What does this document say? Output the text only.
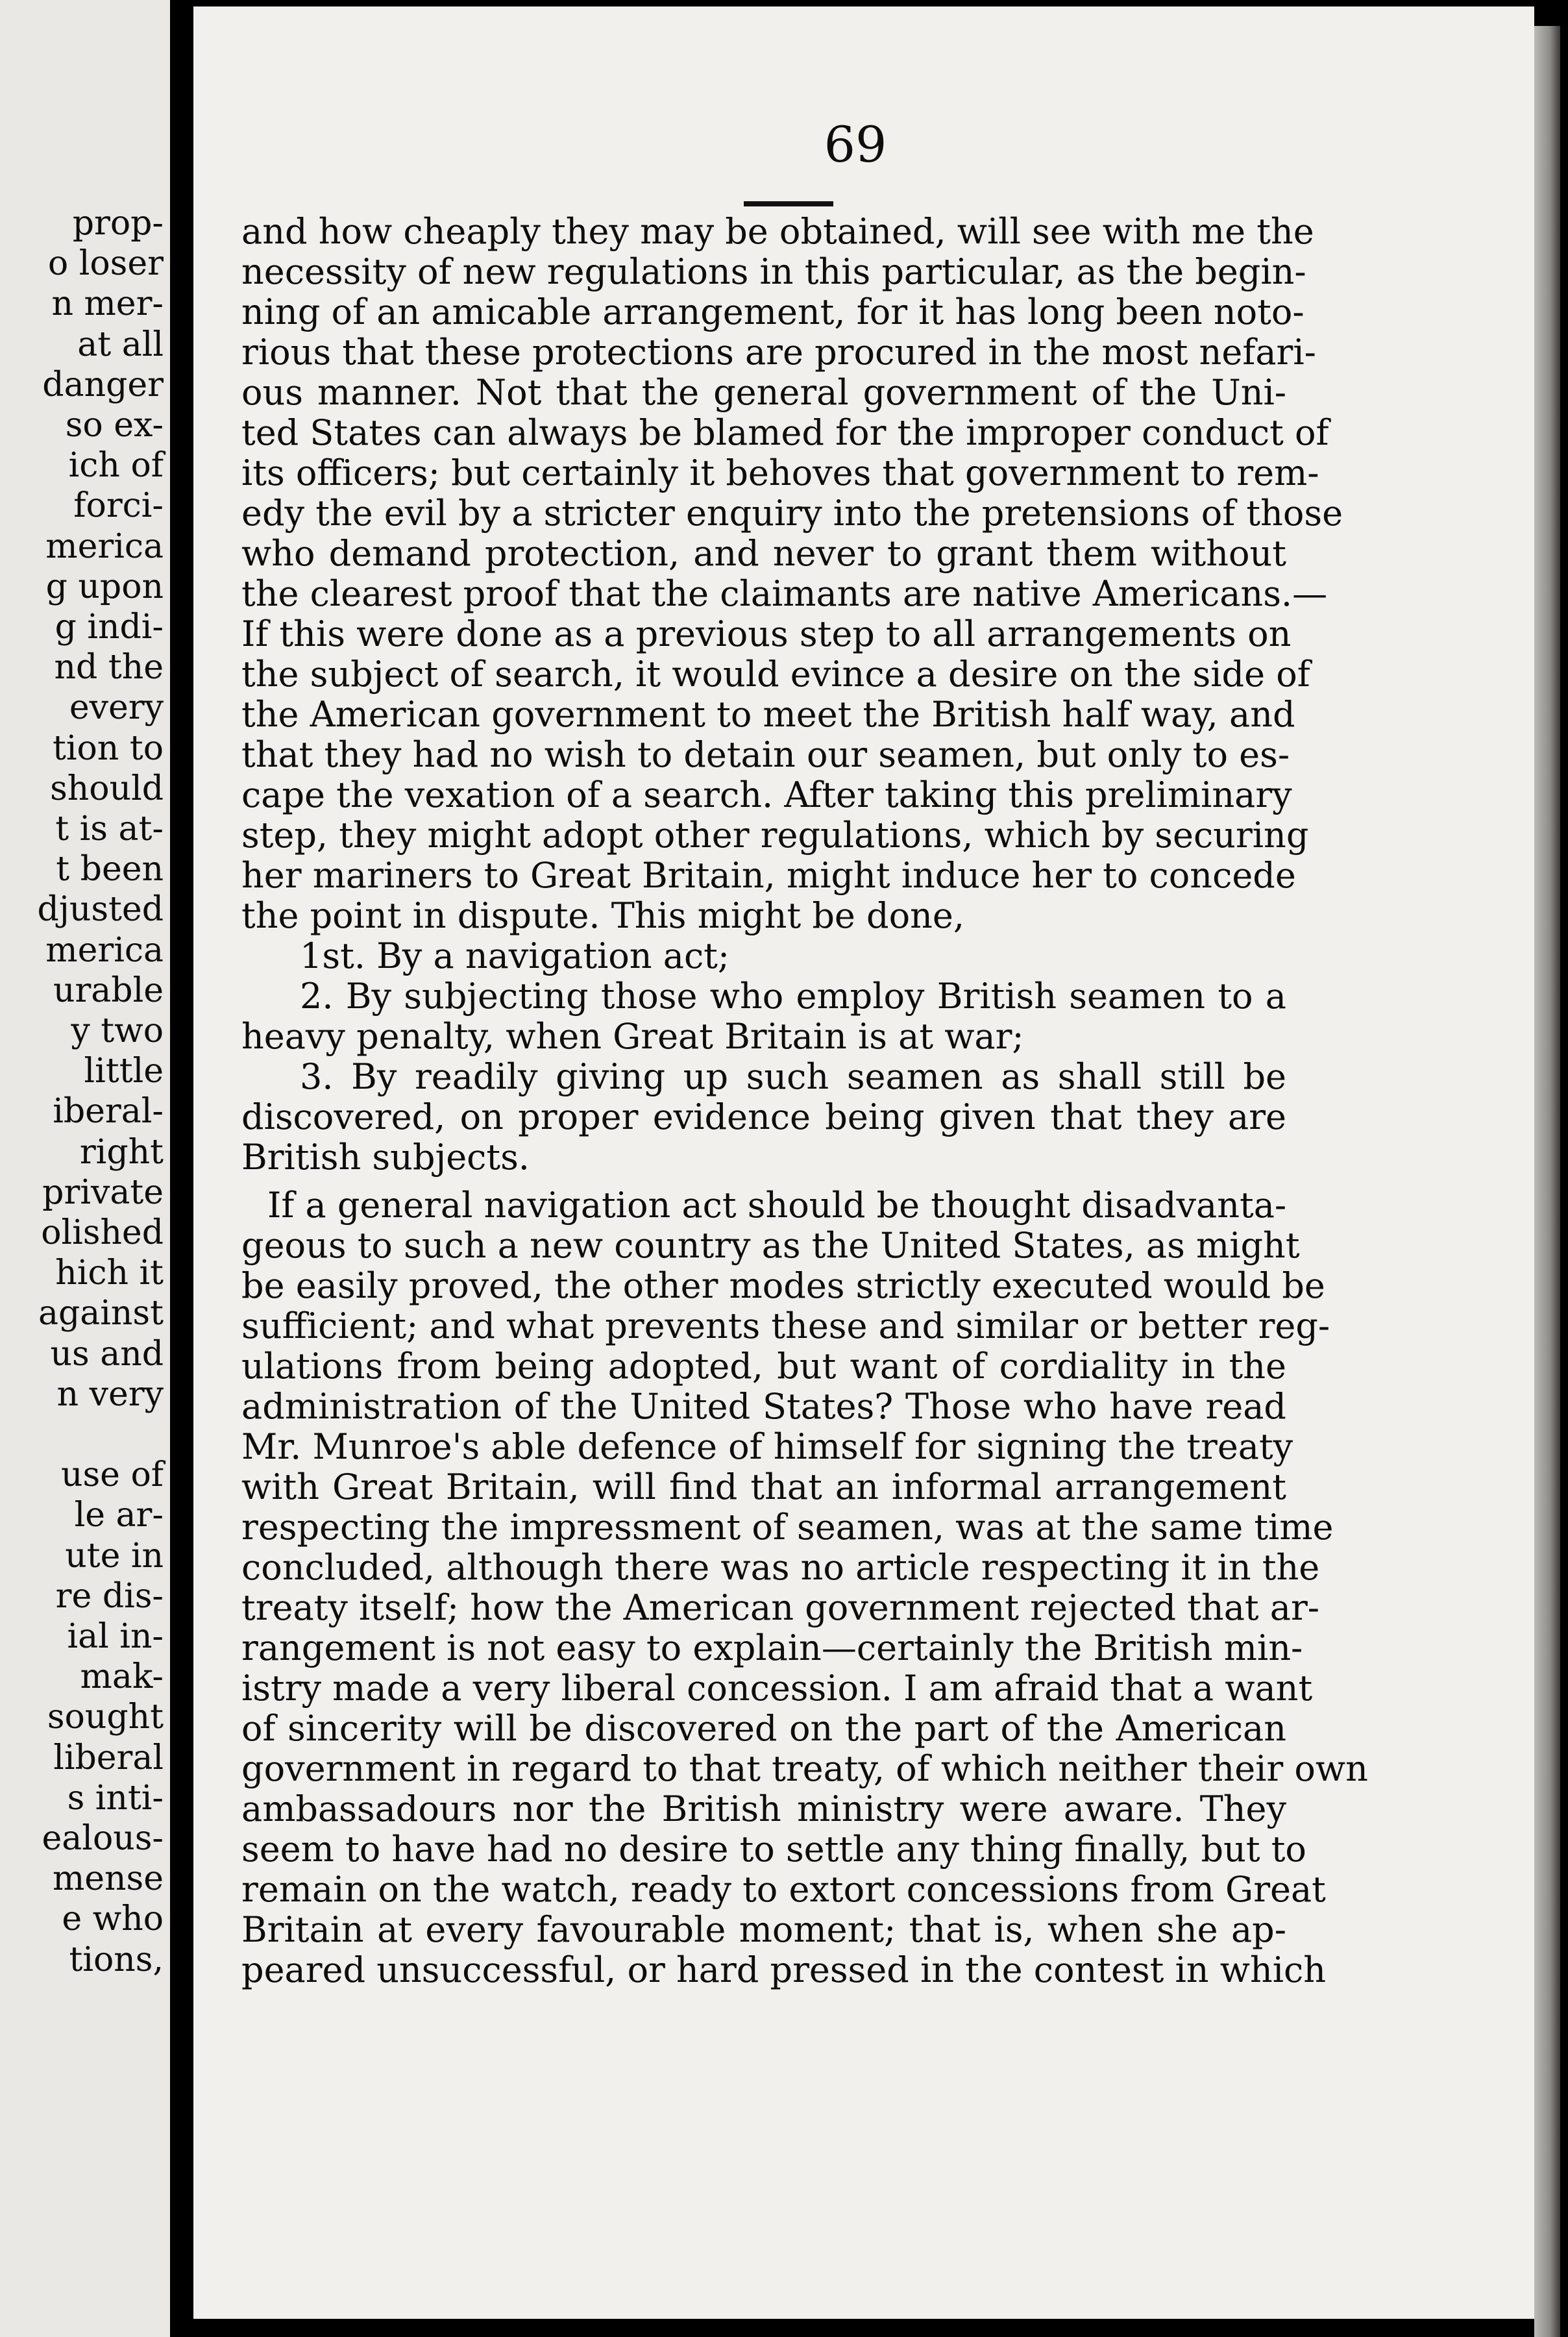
prop-
o loser
n mer-
at all
danger
so ex-
ich of
forci-
merica
g upon
g indi-
nd the
every
tion to
should
t is at-
t been
djusted
merica
urable
y two
little
iberal-
right
private
olished
hich it
against
us and
n very
use of
le ar-
ute in
re dis-
ial in-
mak-
sought
liberal
s inti-
ealous-
mense
e who
tions,
69
and how cheaply they may be obtained, will see with me the
necessity of new regulations in this particular, as the begin-
ning of an amicable arrangement, for it has long been noto-
rious that these protections are procured in the most nefari-
ous manner. Not that the general government of the Uni-
ted States can always be blamed for the improper conduct of
its officers; but certainly it behoves that government to rem-
edy the evil by a stricter enquiry into the pretensions of those
who demand protection, and never to grant them without
the clearest proof that the claimants are native Americans.—
If this were done as a previous step to all arrangements on
the subject of search, it would evince a desire on the side of
the American government to meet the British half way, and
that they had no wish to detain our seamen, but only to es-
cape the vexation of a search. After taking this preliminary
step, they might adopt other regulations, which by securing
her mariners to Great Britain, might induce her to concede
the point in dispute. This might be done,
1st. By a navigation act;
2. By subjecting those who employ British seamen to a
heavy penalty, when Great Britain is at war;
3. By readily giving up such seamen as shall still be
discovered, on proper evidence being given that they are
British subjects.
If a general navigation act should be thought disadvanta-
geous to such a new country as the United States, as might
be easily proved, the other modes strictly executed would be
sufficient; and what prevents these and similar or better reg-
ulations from being adopted, but want of cordiality in the
administration of the United States? Those who have read
Mr. Munroe's able defence of himself for signing the treaty
with Great Britain, will find that an informal arrangement
respecting the impressment of seamen, was at the same time
concluded, although there was no article respecting it in the
treaty itself; how the American government rejected that ar-
rangement is not easy to explain—certainly the British min-
istry made a very liberal concession. I am afraid that a want
of sincerity will be discovered on the part of the American
government in regard to that treaty, of which neither their own
ambassadours nor the British ministry were aware. They
seem to have had no desire to settle any thing finally, but to
remain on the watch, ready to extort concessions from Great
Britain at every favourable moment; that is, when she ap-
peared unsuccessful, or hard pressed in the contest in which
